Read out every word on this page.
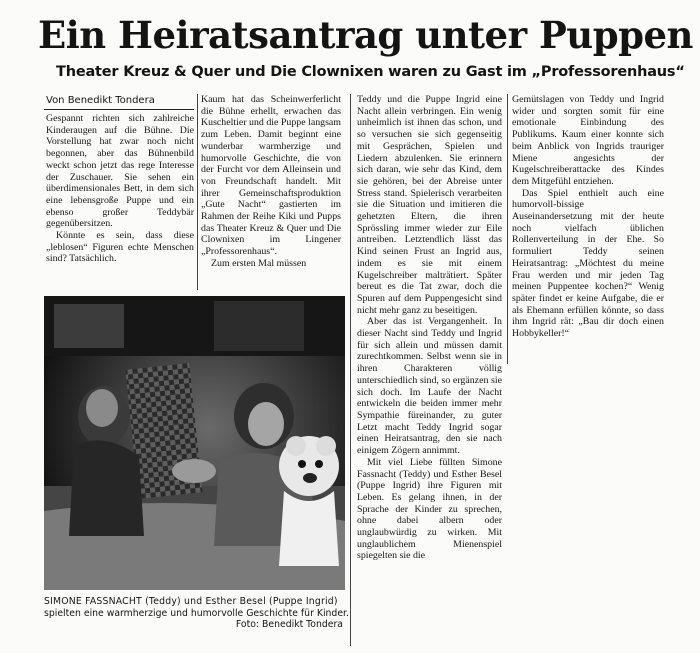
Ein Heiratsantrag unter Puppen
Theater Kreuz & Quer und Die Clownixen waren zu Gast im „Professorenhaus“
Von Benedikt Tondera

Gespannt richten sich zahlreiche Kinderaugen auf die Bühne. Die Vorstellung hat zwar noch nicht begonnen, aber das Bühnenbild weckt schon jetzt das rege Interesse der Zuschauer. Sie sehen ein überdimensionales Bett, in dem sich eine lebensgroße Puppe und ein ebenso großer Teddybär gegenübersitzen.

Könnte es sein, dass diese „leblosen“ Figuren echte Menschen sind? Tatsächlich.

Kaum hat das Scheinwerferlicht die Bühne erhellt, erwachen das Kuscheltier und die Puppe langsam zum Leben. Damit beginnt eine wunderbar warmherzige und humorvolle Geschichte, die von der Furcht vor dem Alleinsein und von Freundschaft handelt. Mit ihrer Gemeinschaftsproduktion „Gute Nacht“ gastierten im Rahmen der Reihe Kiki und Pupps das Theater Kreuz & Quer und Die Clownixen im Lingener „Professorenhaus“.

Zum ersten Mal müssen

Teddy und die Puppe Ingrid eine Nacht allein verbringen. Ein wenig unheimlich ist ihnen das schon, und so versuchen sie sich gegenseitig mit Gesprächen, Spielen und Liedern abzulenken. Sie erinnern sich daran, wie sehr das Kind, dem sie gehören, bei der Abreise unter Stress stand. Spielerisch verarbeiten sie die Situation und imitieren die gehetzten Eltern, die ihren Sprössling immer wieder zur Eile antreiben. Letztendlich lässt das Kind seinen Frust an Ingrid aus, indem es sie mit einem Kugelschreiber malträtiert. Später bereut es die Tat zwar, doch die Spuren auf dem Puppengesicht sind nicht mehr ganz zu beseitigen.

Aber das ist Vergangenheit. In dieser Nacht sind Teddy und Ingrid für sich allein und müssen damit zurechtkommen. Selbst wenn sie in ihren Charakteren völlig unterschiedlich sind, so ergänzen sie sich doch. Im Laufe der Nacht entwickeln die beiden immer mehr Sympathie füreinander, zu guter Letzt macht Teddy Ingrid sogar einen Heiratsantrag, den sie nach einigem Zögern annimmt.

Mit viel Liebe füllten Simone Fassnacht (Teddy) und Esther Besel (Puppe Ingrid) ihre Figuren mit Leben. Es gelang ihnen, in der Sprache der Kinder zu sprechen, ohne dabei albern oder unglaubwürdig zu wirken. Mit unglaublichem Mienenspiel spiegelten sie die

Gemütslagen von Teddy und Ingrid wider und sorgten somit für eine emotionale Einbindung des Publikums. Kaum einer konnte sich beim Anblick von Ingrids trauriger Miene angesichts der Kugelschreiberattacke des Kindes dem Mitgefühl entziehen.

Das Spiel enthielt auch eine humorvoll-bissige Auseinandersetzung mit der heute noch vielfach üblichen Rollenverteilung in der Ehe. So formuliert Teddy seinen Heiratsantrag: „Möchtest du meine Frau werden und mir jeden Tag meinen Puppentee kochen?“ Wenig später findet er keine Aufgabe, die er als Ehemann erfüllen könnte, so dass ihm Ingrid rät: „Bau dir doch einen Hobbykeller!“

SIMONE FASSNACHT (Teddy) und Esther Besel (Puppe Ingrid) spielten eine warmherzige und humorvolle Geschichte für Kinder.
Foto: Benedikt Tondera
